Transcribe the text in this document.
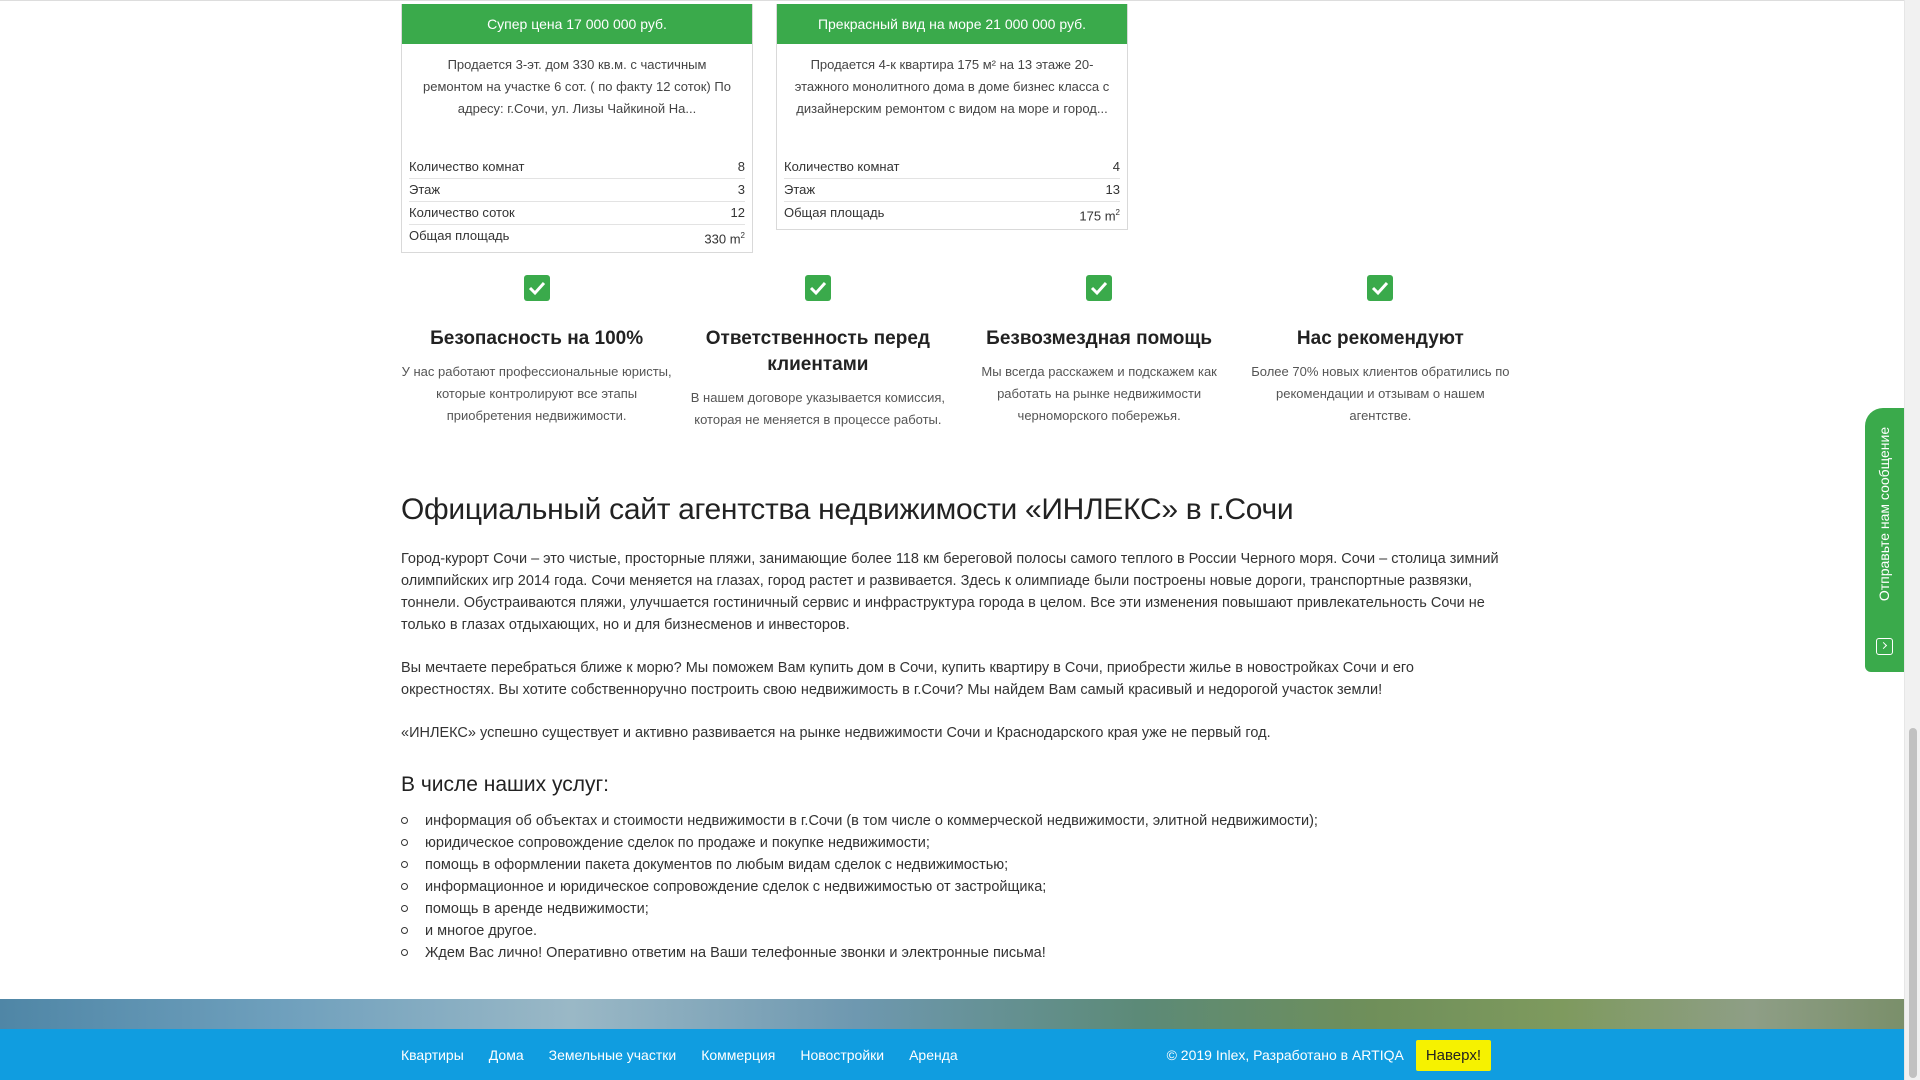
Супер цена 17 000 000 руб.
Продается 3-эт. дом 330 кв.м. с частичным ремонтом на участке 6 сот. ( по факту 12 соток) По адресу: г.Сочи, ул. Лизы Чайкиной На...
Количество комнат	8
Этаж	3
Количество соток	12
Общая площадь	330 $m^2$
Прекрасный вид на море 21 000 000 руб.
Продается 4-к квартира 175 м² на 13 этаже 20-этажного монолитного дома в доме бизнес класса с дизайнерским ремонтом с видом на море и город...
Количество комнат	4
Этаж	13
Общая площадь	175 $m^2$
Безопасность на 100%
У нас работают профессиональные юристы, которые контролируют все этапы приобретения недвижимости.
Ответственность перед клиентами
В нашем договоре указывается комиссия, которая не меняется в процессе работы.
Безвозмездная помощь
Мы всегда расскажем и подскажем как работать на рынке недвижимости черноморского побережья.
Нас рекомендуют
Более 70% новых клиентов обратились по рекомендации и отзывам о нашем агентстве.
Официальный сайт агентства недвижимости «ИНЛЕКС» в г.Сочи

Город-курорт Сочи – это чистые, просторные пляжи, занимающие более 118 км береговой полосы самого теплого в России Черного моря. Сочи – столица зимний олимпийских игр 2014 года. Сочи меняется на глазах, город растет и развивается. Здесь к олимпиаде были построены новые дороги, транспортные развязки, тоннели. Обустраиваются пляжи, улучшается гостиничный сервис и инфраструктура города в целом. Все эти изменения повышают привлекательность Сочи не только в глазах отдыхающих, но и для бизнесменов и инвесторов.

Вы мечтаете перебраться ближе к морю? Мы поможем Вам купить дом в Сочи, купить квартиру в Сочи, приобрести жилье в новостройках Сочи и его окрестностях. Вы хотите собственноручно построить свою недвижимость в г.Сочи? Мы найдем Вам самый красивый и недорогой участок земли!

«ИНЛЕКС» успешно существует и активно развивается на рынке недвижимости Сочи и Краснодарского края уже не первый год.

В числе наших услуг:
информация об объектах и стоимости недвижимости в г.Сочи (в том числе о коммерческой недвижимости, элитной недвижимости);
юридическое сопровождение сделок по продаже и покупке недвижимости;
помощь в оформлении пакета документов по любым видам сделок с недвижимостью;
информационное и юридическое сопровождение сделок с недвижимостью от застройщика;
помощь в аренде недвижимости;
и многое другое.
Ждем Вас лично! Оперативно ответим на Ваши телефонные звонки и электронные письма!
Квартиры Дома Земельные участки Коммерция Новостройки Аренда	© 2019 Inlex, Разработано в ARTIQA	Наверх!
Отправьте нам сообщение
